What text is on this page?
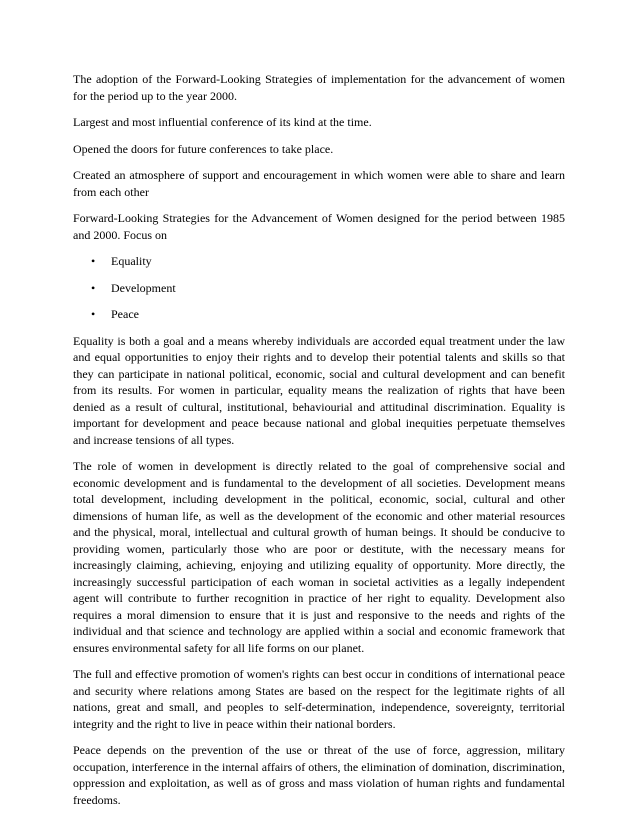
The adoption of the Forward-Looking Strategies of implementation for the advancement of women for the period up to the year 2000.

Largest and most influential conference of its kind at the time.

Opened the doors for future conferences to take place.

Created an atmosphere of support and encouragement in which women were able to share and learn from each other

Forward-Looking Strategies for the Advancement of Women designed for the period between 1985 and 2000. Focus on

• Equality
• Development
• Peace

Equality is both a goal and a means whereby individuals are accorded equal treatment under the law and equal opportunities to enjoy their rights and to develop their potential talents and skills so that they can participate in national political, economic, social and cultural development and can benefit from its results. For women in particular, equality means the realization of rights that have been denied as a result of cultural, institutional, behaviourial and attitudinal discrimination. Equality is important for development and peace because national and global inequities perpetuate themselves and increase tensions of all types.

The role of women in development is directly related to the goal of comprehensive social and economic development and is fundamental to the development of all societies. Development means total development, including development in the political, economic, social, cultural and other dimensions of human life, as well as the development of the economic and other material resources and the physical, moral, intellectual and cultural growth of human beings. It should be conducive to providing women, particularly those who are poor or destitute, with the necessary means for increasingly claiming, achieving, enjoying and utilizing equality of opportunity. More directly, the increasingly successful participation of each woman in societal activities as a legally independent agent will contribute to further recognition in practice of her right to equality. Development also requires a moral dimension to ensure that it is just and responsive to the needs and rights of the individual and that science and technology are applied within a social and economic framework that ensures environmental safety for all life forms on our planet.

The full and effective promotion of women's rights can best occur in conditions of international peace and security where relations among States are based on the respect for the legitimate rights of all nations, great and small, and peoples to self-determination, independence, sovereignty, territorial integrity and the right to live in peace within their national borders.

Peace depends on the prevention of the use or threat of the use of force, aggression, military occupation, interference in the internal affairs of others, the elimination of domination, discrimination, oppression and exploitation, as well as of gross and mass violation of human rights and fundamental freedoms.
